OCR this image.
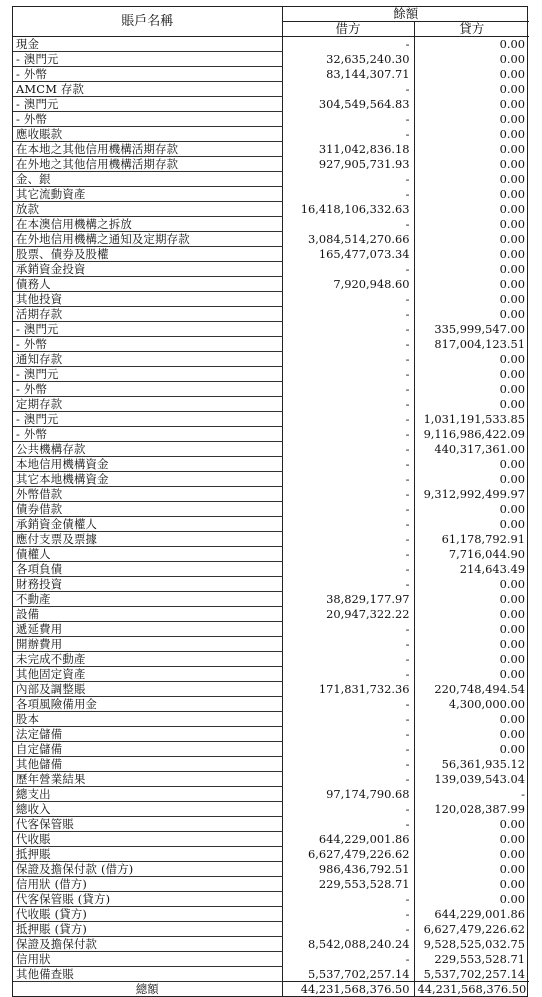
賬戶名稱	餘額	
	借方	貸方
現金	-	0.00
- 澳門元	32,635,240.30	0.00
- 外幣	83,144,307.71	0.00
AMCM 存款	-	0.00
- 澳門元	304,549,564.83	0.00
- 外幣	-	0.00
應收賬款	-	0.00
在本地之其他信用機構活期存款	311,042,836.18	0.00
在外地之其他信用機構活期存款	927,905,731.93	0.00
金、銀	-	0.00
其它流動資產	-	0.00
放款	16,418,106,332.63	0.00
在本澳信用機構之拆放	-	0.00
在外地信用機構之通知及定期存款	3,084,514,270.66	0.00
股票、債券及股權	165,477,073.34	0.00
承銷資金投資	-	0.00
債務人	7,920,948.60	0.00
其他投資	-	0.00
活期存款	-	0.00
- 澳門元	-	335,999,547.00
- 外幣	-	817,004,123.51
通知存款	-	0.00
- 澳門元	-	0.00
- 外幣	-	0.00
定期存款	-	0.00
- 澳門元	-	1,031,191,533.85
- 外幣	-	9,116,986,422.09
公共機構存款	-	440,317,361.00
本地信用機構資金	-	0.00
其它本地機構資金	-	0.00
外幣借款	-	9,312,992,499.97
債券借款	-	0.00
承銷資金債權人	-	0.00
應付支票及票據	-	61,178,792.91
債權人	-	7,716,044.90
各項負債	-	214,643.49
財務投資	-	0.00
不動產	38,829,177.97	0.00
設備	20,947,322.22	0.00
遞延費用	-	0.00
開辦費用	-	0.00
未完成不動產	-	0.00
其他固定資產	-	0.00
內部及調整賬	171,831,732.36	220,748,494.54
各項風險備用金	-	4,300,000.00
股本	-	0.00
法定儲備	-	0.00
自定儲備	-	0.00
其他儲備	-	56,361,935.12
歷年營業結果	-	139,039,543.04
總支出	97,174,790.68	-
總收入	-	120,028,387.99
代客保管賬	-	0.00
代收賬	644,229,001.86	0.00
抵押賬	6,627,479,226.62	0.00
保證及擔保付款 (借方)	986,436,792.51	0.00
信用狀 (借方)	229,553,528.71	0.00
代客保管賬 (貸方)	-	0.00
代收賬 (貸方)	-	644,229,001.86
抵押賬 (貸方)	-	6,627,479,226.62
保證及擔保付款	8,542,088,240.24	9,528,525,032.75
信用狀	-	229,553,528.71
其他備查賬	5,537,702,257.14	5,537,702,257.14
總額	44,231,568,376.50	44,231,568,376.50
